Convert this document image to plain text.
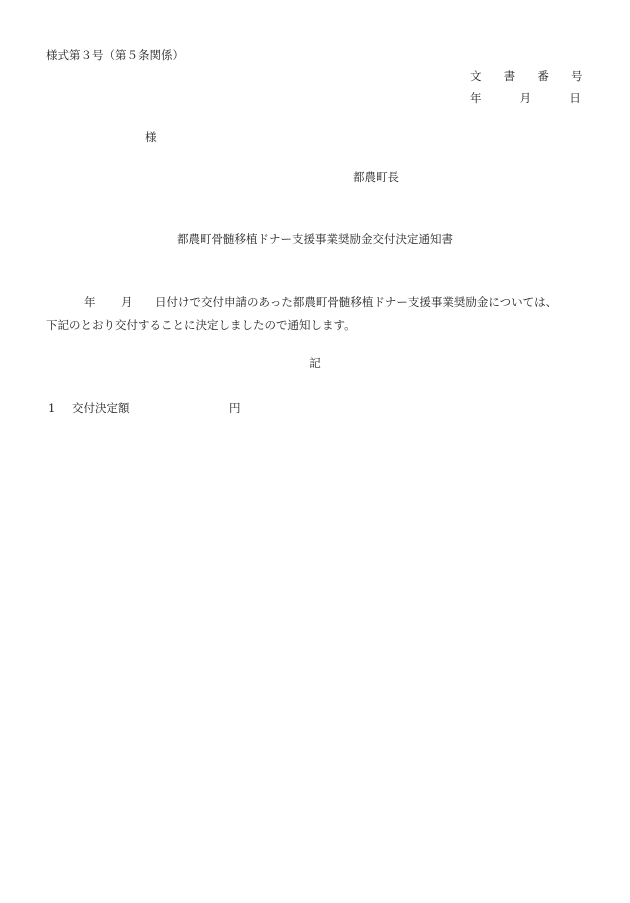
様式第３号（第５条関係）
文 書 番 号
年	月	日
様
都農町長
都農町骨髄移植ドナー支援事業奨励金交付決定通知書
年 月 日付けで交付申請のあった都農町骨髄移植ドナー支援事業奨励金については、
下記のとおり交付することに決定しましたので通知します。
記
1 交付決定額	円
